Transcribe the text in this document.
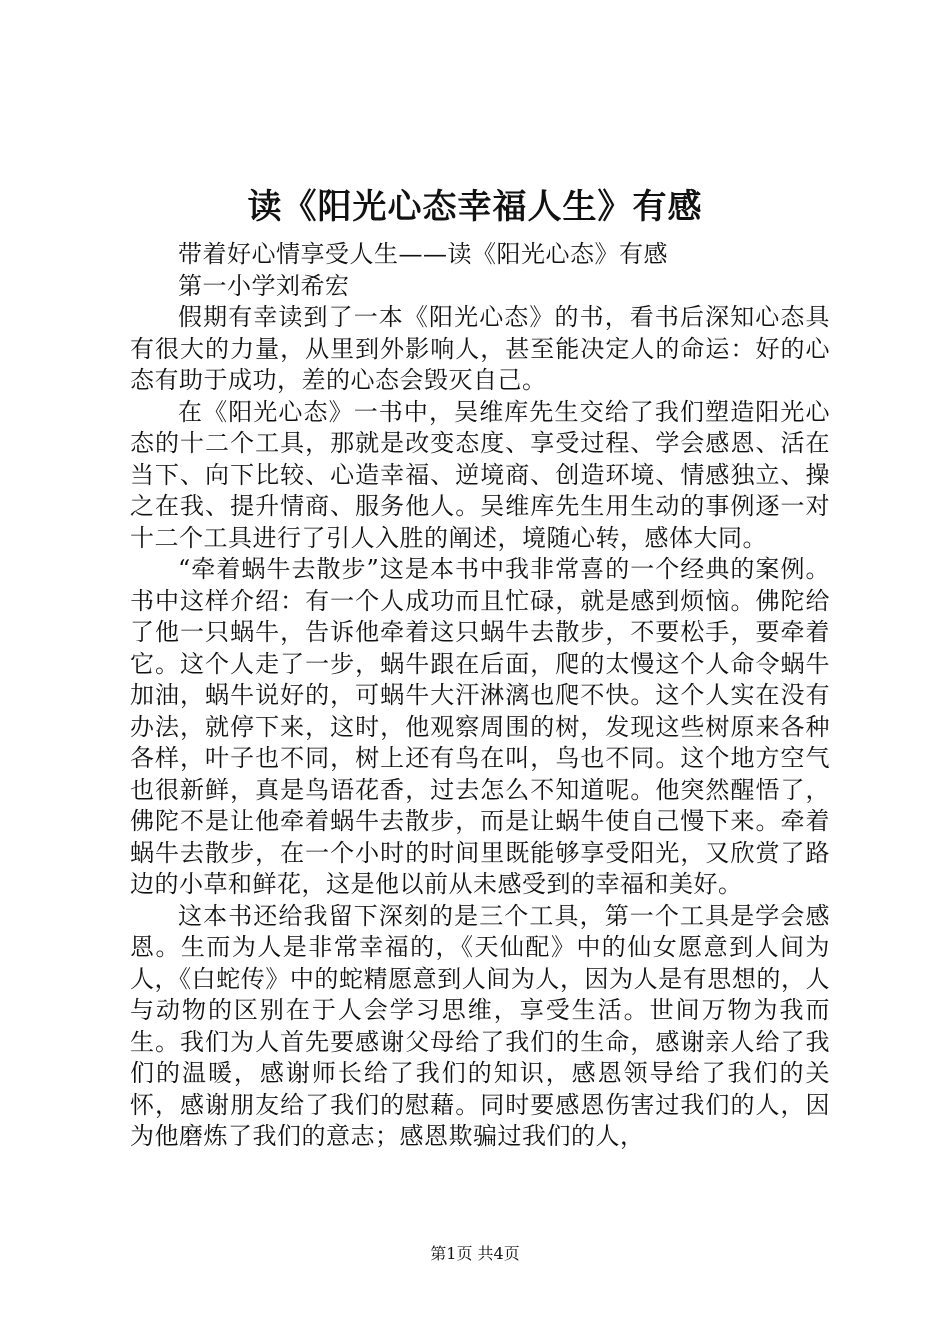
读《阳光心态幸福人生》有感

带着好心情享受人生——读《阳光心态》有感

第一小学刘希宏

假期有幸读到了一本《阳光心态》的书，看书后深知心态具有很大的力量，从里到外影响人，甚至能决定人的命运：好的心态有助于成功，差的心态会毁灭自己。

在《阳光心态》一书中，吴维库先生交给了我们塑造阳光心态的十二个工具，那就是改变态度、享受过程、学会感恩、活在当下、向下比较、心造幸福、逆境商、创造环境、情感独立、操之在我、提升情商、服务他人。吴维库先生用生动的事例逐一对十二个工具进行了引人入胜的阐述，境随心转，感体大同。

“牵着蜗牛去散步”这是本书中我非常喜的一个经典的案例。书中这样介绍：有一个人成功而且忙碌，就是感到烦恼。佛陀给了他一只蜗牛，告诉他牵着这只蜗牛去散步，不要松手，要牵着它。这个人走了一步，蜗牛跟在后面，爬的太慢这个人命令蜗牛加油，蜗牛说好的，可蜗牛大汗淋漓也爬不快。这个人实在没有办法，就停下来，这时，他观察周围的树，发现这些树原来各种各样，叶子也不同，树上还有鸟在叫，鸟也不同。这个地方空气也很新鲜，真是鸟语花香，过去怎么不知道呢。他突然醒悟了，佛陀不是让他牵着蜗牛去散步，而是让蜗牛使自己慢下来。牵着蜗牛去散步，在一个小时的时间里既能够享受阳光，又欣赏了路边的小草和鲜花，这是他以前从未感受到的幸福和美好。

这本书还给我留下深刻的是三个工具，第一个工具是学会感恩。生而为人是非常幸福的，《天仙配》中的仙女愿意到人间为人，《白蛇传》中的蛇精愿意到人间为人，因为人是有思想的，人与动物的区别在于人会学习思维，享受生活。世间万物为我而生。我们为人首先要感谢父母给了我们的生命，感谢亲人给了我们的温暖，感谢师长给了我们的知识，感恩领导给了我们的关怀，感谢朋友给了我们的慰藉。同时要感恩伤害过我们的人，因为他磨炼了我们的意志；感恩欺骗过我们的人，

第1页 共4页
